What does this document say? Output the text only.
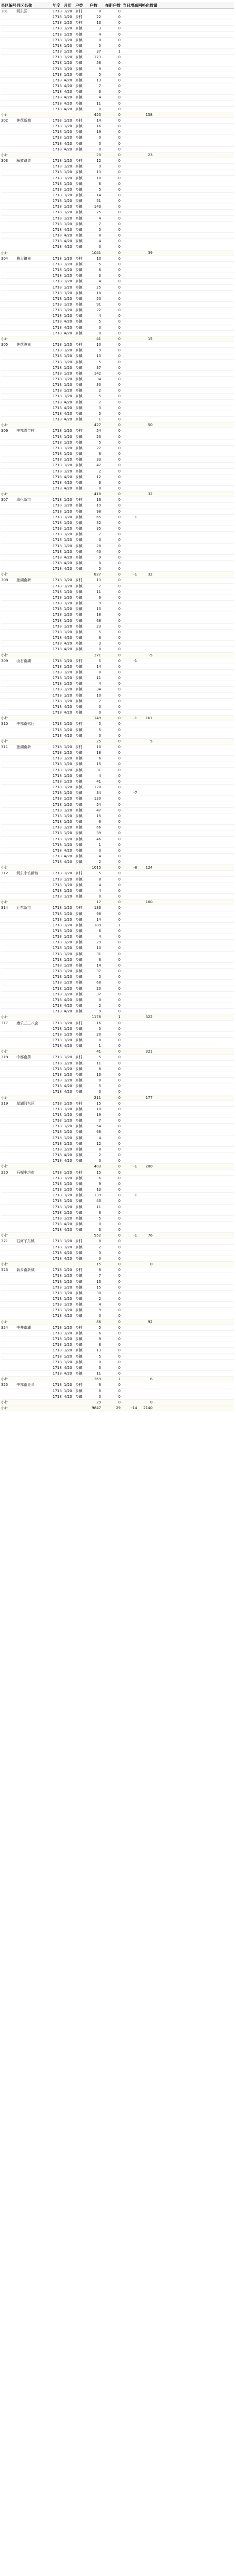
县区编号 县区名称	年度 月份 户类	户数	在册户数 当日增减 网格化数量
301	河东区	1718 1/20 乡村	8	0
1718 1/20 乡村	22	0
1718 1/20 乡村	13	0
1718 1/20 乡镇	3	0
1718 1/20 乡镇	4	0
1718 1/20 乡镇	0	0
1718 1/20 乡镇	5	0
1718 1/20 乡镇	37	1
1718 1/20 乡镇	173	0
1718 1/20 乡镇	58	0
1718 1/20 乡镇	9	0
1718 1/20 乡镇	5	0
1718 4/20 乡镇	13	0
1718 4/20 乡镇	7	0
1718 4/20 乡镇	3	0
1718 4/20 乡镇	4	0
1718 4/20 乡镇	11	0
1718 4/20 乡镇	0	0
小计	425	0	158
302	莲花新城	1718 1/20 乡村	14	0
1718 1/20 乡镇	16	0
1718 1/20 乡镇	19	0
1718 1/20 乡镇	0	0
1718 4/20 乡镇	0	0
1718 4/20 乡镇	0	0
小计	20	0	23
303	解放路道	1718 1/20 乡村	12	0
1718 1/20 乡镇	9	0
1718 1/20 乡镇	13	0
1718 1/20 乡镇	10	0
1718 1/20 乡镇	6	0
1718 1/20 乡镇	5	0
1718 1/20 乡镇	14	0
1718 1/20 乡镇	51	0
1718 1/20 乡镇	143	0
1718 1/20 乡镇	25	0
1718 1/20 乡镇	4	0
1718 1/20 乡镇	7	0
1718 4/20 乡镇	5	0
1718 4/20 乡镇	8	0
1718 4/20 乡镇	4	0
1718 4/20 乡镇	0	0
小计	1041	0	39
304	鲁太镇南	1718 1/20 乡村	10	0
1718 1/20 乡镇	5	0
1718 1/20 乡镇	6	0
1718 1/20 乡镇	3	0
1718 1/20 乡镇	4	0
1718 1/20 乡镇	25	0
1718 1/20 乡镇	18	0
1718 1/20 乡镇	50	0
1718 1/20 乡镇	91	0
1718 1/20 乡镇	22	0
1718 1/20 乡镇	4	0
1718 4/20 乡镇	5	0
1718 4/20 乡镇	0	0
1718 4/20 乡镇	0	0
小计	41	0	15
305	莲花港南	1718 1/20 乡村	10	0
1718 1/20 乡镇	9	0
1718 1/20 乡镇	13	0
1718 1/20 乡镇	5	0
1718 1/20 乡镇	37	0
1718 1/20 乡镇	142	0
1718 1/20 乡镇	34	0
1718 1/20 乡镇	30	0
1718 1/20 乡镇	2	0
1718 1/20 乡镇	5	0
1718 4/20 乡镇	7	0
1718 4/20 乡镇	3	0
1718 4/20 乡镇	5	0
1718 4/20 乡镇	1	0
小计	427	0	50
306	中都青年村	1718 1/20 乡村	54	0
1718 1/20 乡镇	23	0
1718 1/20 乡镇	5	0
1718 1/20 乡镇	27	0
1718 1/20 乡镇	8	0
1718 1/20 乡镇	33	0
1718 1/20 乡镇	47	0
1718 1/20 乡镇	2	0
1718 4/20 乡镇	12	0
1718 4/20 乡镇	3	0
1718 4/20 乡镇	0	0
小计	418	0	32
307	清化新市	1718 1/20 乡村	16	0
1718 1/20 乡镇	19	0
1718 1/20 乡镇	98	0
1718 1/20 乡镇	65	0	-1
1718 1/20 乡镇	32	0
1718 1/20 乡镇	35	0
1718 1/20 乡镇	7	0
1718 1/20 乡镇	0	0
1718 1/20 乡镇	28	0
1718 1/20 乡镇	40	0
1718 4/20 乡镇	9	0
1718 4/20 乡镇	0	0
1718 4/20 乡镇	5	0
小计	827	0	-1	32
308	莲湖南新	1718 1/20 乡村	13	0
1718 1/20 乡镇	7	0
1718 1/20 乡镇	11	0
1718 1/20 乡镇	6	0
1718 1/20 乡镇	9	0
1718 1/20 乡镇	15	0
1718 1/20 乡镇	18	0
1718 1/20 乡镇	68	0
1718 1/20 乡镇	23	0
1718 1/20 乡镇	5	0
1718 4/20 乡镇	6	0
1718 4/20 乡镇	3	0
1718 4/20 乡镇	0	0
小计	271	0	-5
309	山石南湖	1718 1/20 乡村	5	0	-1
1718 1/20 乡镇	14	0
1718 1/20 乡镇	8	0
1718 1/20 乡镇	11	0
1718 1/20 乡镇	4	0
1718 1/20 乡镇	34	0
1718 1/20 乡镇	10	0
1718 1/20 乡镇	7	0
1718 4/20 乡镇	0	0
1718 4/20 乡镇	0	0
小计	149	0	-1	161
310	中都南铭巨	1718 1/20 乡村	5	0
1718 1/20 乡镇	5	0
1718 4/20 乡镇	0	0
小计	25	0	5
311	莲湖南新	1718 1/20 乡村	10	0
1718 1/20 乡镇	18	0
1718 1/20 乡镇	6	0
1718 1/20 乡镇	15	0
1718 1/20 乡镇	31	0
1718 1/20 乡镇	4	0
1718 1/20 乡镇	41	0
1718 1/20 乡镇	120	0
1718 1/20 乡镇	34	0	-7
1718 1/20 乡镇	130	0
1718 1/20 乡镇	54	0
1718 1/20 乡镇	47	0
1718 1/20 乡镇	15	0
1718 1/20 乡镇	6	0
1718 1/20 乡镇	66	0
1718 1/20 乡镇	39	0
1718 1/20 乡镇	46	0
1718 1/20 乡镇	1	0
1718 4/20 乡镇	0	0
1718 4/20 乡镇	4	0
1718 4/20 乡镇	2	0
小计	1015	0	-8	124
312	河东中坊新苑	1718 1/20 乡村	5	0
1718 1/20 乡镇	8	0
1718 1/20 乡镇	4	0
1718 1/20 乡镇	4	0
1718 1/20 乡镇	0	0
小计	17	0	160
314	汇东新市	1718 1/20 乡村	133	0
1718 1/20 乡镇	98	0
1718 1/20 乡镇	14	0
1718 1/20 乡镇	189	1
1718 1/20 乡镇	6	0
1718 1/20 乡镇	4	0
1718 1/20 乡镇	29	0
1718 1/20 乡镇	10	0
1718 1/20 乡镇	31	0
1718 1/20 乡镇	6	0
1718 1/20 乡镇	14	0
1718 1/20 乡镇	37	0
1718 1/20 乡镇	5	0
1718 1/20 乡镇	68	0
1718 1/20 乡镇	20	0
1718 1/20 乡镇	37	0
1718 4/20 乡镇	0	0
1718 4/20 乡镇	2	0
1718 4/20 乡镇	9	0
小计	1178	1	322
317	康乐三三八会	1718 1/20 乡村	16	0
1718 1/20 乡镇	5	0
1718 1/20 乡镇	20	0
1718 1/20 乡镇	8	0
1718 4/20 乡镇	1	0
小计	41	0	321
318	中都南药	1718 1/20 乡村	5	0
1718 1/20 乡镇	11	0
1718 1/20 乡镇	8	0
1718 1/20 乡镇	13	0
1718 1/20 乡镇	0	0
1718 4/20 乡镇	5	0
1718 4/20 乡镇	0	0
小计	211	0	177
319	星湖河东区	1718 1/20 乡村	15	0
1718 1/20 乡镇	10	0
1718 1/20 乡镇	19	0
1718 1/20 乡镇	7	0
1718 1/20 乡镇	54	0
1718 1/20 乡镇	68	0
1718 1/20 乡镇	4	0
1718 1/20 乡镇	12	0
1718 1/20 乡镇	8	0
1718 4/20 乡镇	2	0
1718 4/20 乡镇	0	0
小计	403	0	-1	200
320	石榴中坊市	1718 1/20 乡村	15	0
1718 1/20 乡镇	6	0
1718 1/20 乡镇	9	0
1718 1/20 乡镇	13	0
1718 1/20 乡镇	139	0	-1
1718 1/20 乡镇	43	0
1718 1/20 乡镇	11	0
1718 1/20 乡镇	6	0
1718 1/20 乡镇	5	0
1718 4/20 乡镇	0	0
1718 4/20 乡镇	3	0
小计	552	0	-1	76
321	石河子东镇	1718 1/20 乡村	8	0
1718 1/20 乡镇	2	0
1718 4/20 乡镇	3	0
1718 4/20 乡镇	0	0
小计	15	0	0
323	新乡南新城	1718 1/20 乡村	8	0
1718 1/20 乡镇	7	0
1718 1/20 乡镇	13	0
1718 1/20 乡镇	15	0
1718 1/20 乡镇	30	0
1718 1/20 乡镇	2	0
1718 1/20 乡镇	4	0
1718 1/20 乡镇	9	0
1718 4/20 乡镇	0	0
小计	86	0	92
324	中井南湖	1718 1/20 乡村	5	0
1718 1/20 乡镇	6	0
1718 1/20 乡镇	9	0
1718 1/20 乡镇	8	0
1718 1/20 乡镇	13	0
1718 1/20 乡镇	5	0
1718 1/20 乡镇	0	0
1718 4/20 乡镇	3	0
1718 4/20 乡镇	11	0
小计	269	1	6
325	中都南青乡	1718 1/20 乡村	6	0
1718 1/20 乡镇	8	0
1718 4/20 乡镇	0	0
小计	29	0	0
小计	9847	29	-14	2140
